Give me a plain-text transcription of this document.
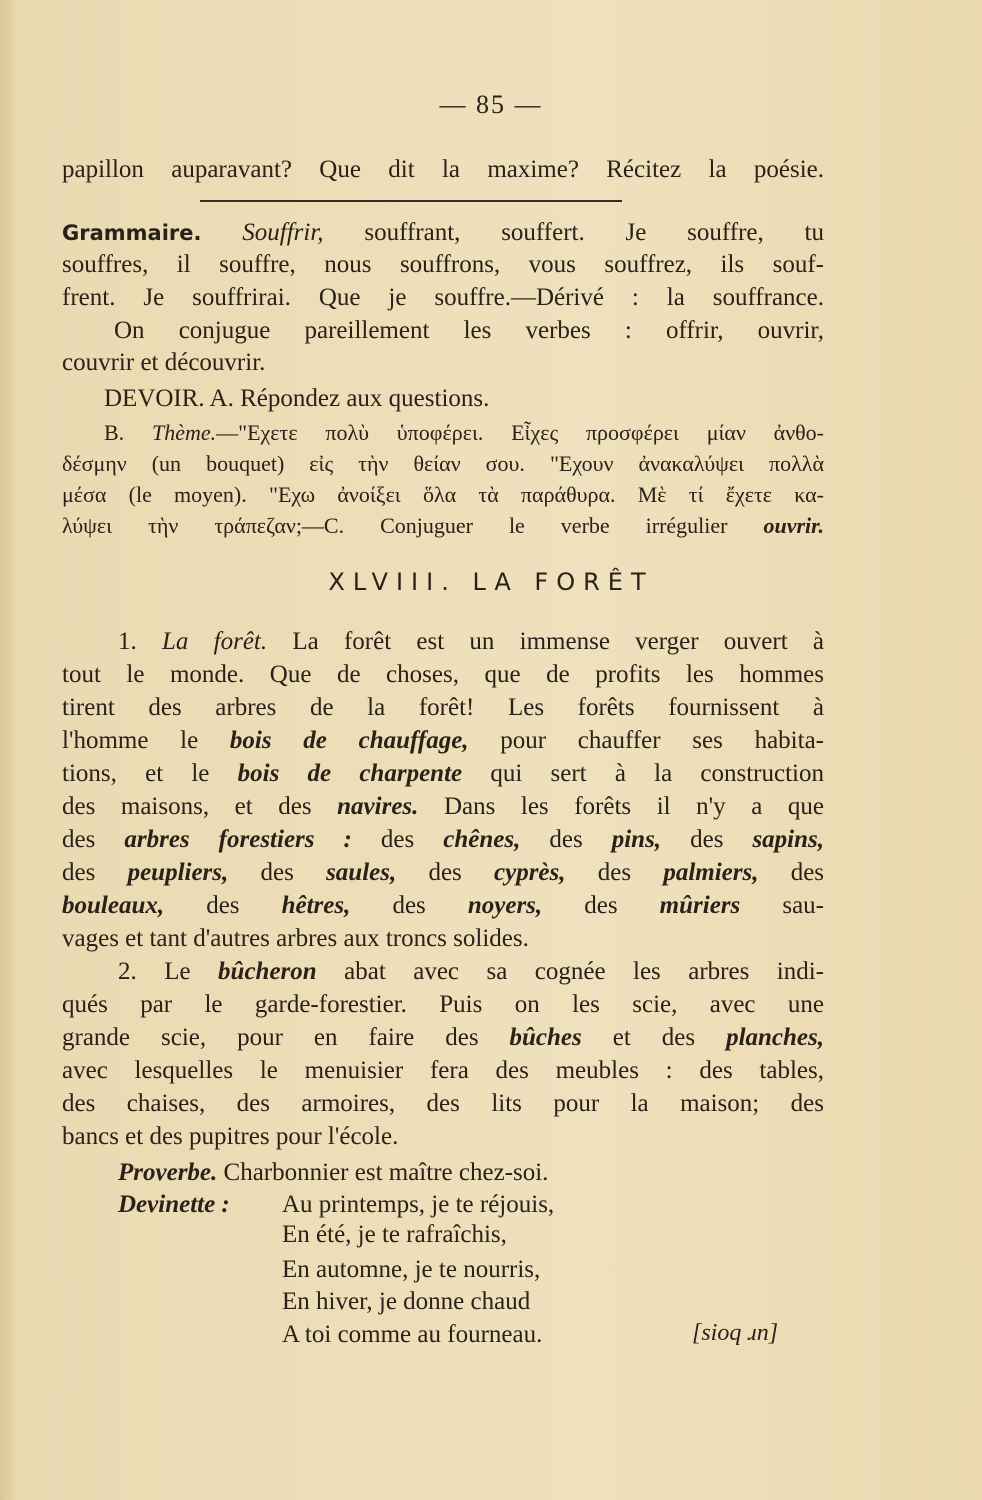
— 85 —
papillon auparavant? Que dit la maxime? Récitez la poésie.
Grammaire. Souffrir, souffrant, souffert. Je souffre, tu
souffres, il souffre, nous souffrons, vous souffrez, ils souf-
frent. Je souffrirai. Que je souffre.—Dérivé : la souffrance.
On conjugue pareillement les verbes : offrir, ouvrir,
couvrir et découvrir.
DEVOIR. A. Répondez aux questions.
B. Thème.—"Εχετε πολὺ ὑποφέρει. Εἶχες προσφέρει μίαν ἀνθο-
δέσμην (un bouquet) εἰς τὴν θείαν σου. "Εχουν ἀνακαλύψει πολλὰ
μέσα (le moyen). "Εχω ἀνοίξει ὅλα τὰ παράθυρα. Μὲ τί ἔχετε κα-
λύψει τὴν τράπεζαν;—C. Conjuguer le verbe irrégulier ouvrir.
XLVIII. LA FORÊT
1. La forêt. La forêt est un immense verger ouvert à
tout le monde. Que de choses, que de profits les hommes
tirent des arbres de la forêt! Les forêts fournissent à
l'homme le bois de chauffage, pour chauffer ses habita-
tions, et le bois de charpente qui sert à la construction
des maisons, et des navires. Dans les forêts il n'y a que
des arbres forestiers : des chênes, des pins, des sapins,
des peupliers, des saules, des cyprès, des palmiers, des
bouleaux, des hêtres, des noyers, des mûriers sau-
vages et tant d'autres arbres aux troncs solides.
2. Le bûcheron abat avec sa cognée les arbres indi-
qués par le garde-forestier. Puis on les scie, avec une
grande scie, pour en faire des bûches et des planches,
avec lesquelles le menuisier fera des meubles : des tables,
des chaises, des armoires, des lits pour la maison; des
bancs et des pupitres pour l'école.
Proverbe. Charbonnier est maître chez-soi.
Devinette :	Au printemps, je te réjouis,
En été, je te rafraîchis,
En automne, je te nourris,
En hiver, je donne chaud
A toi comme au fourneau.	[sioq ɹn]
